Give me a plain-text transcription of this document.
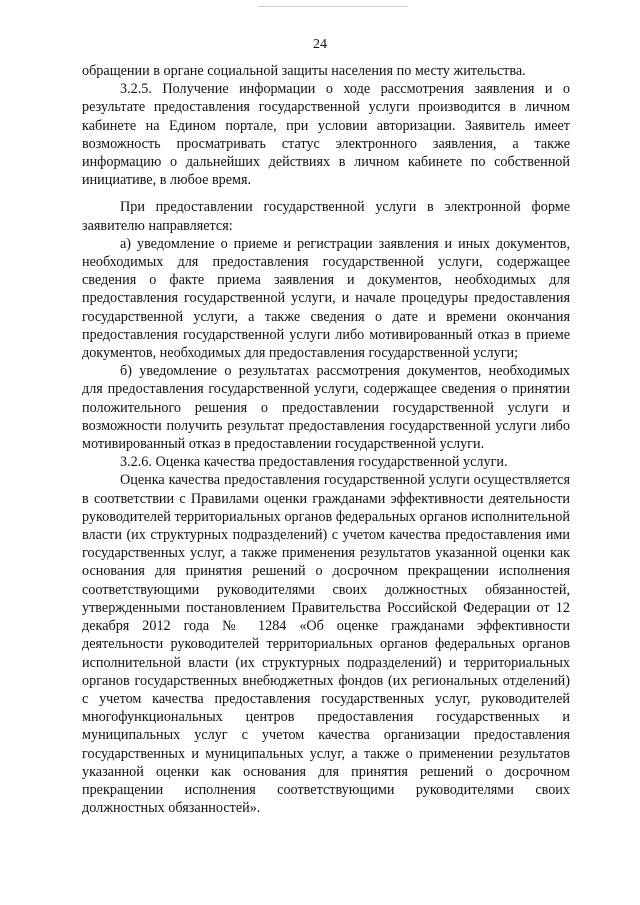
24

обращении в органе социальной защиты населения по месту жительства.

3.2.5. Получение информации о ходе рассмотрения заявления и о результате предоставления государственной услуги производится в личном кабинете на Едином портале, при условии авторизации. Заявитель имеет возможность просматривать статус электронного заявления, а также информацию о дальнейших действиях в личном кабинете по собственной инициативе, в любое время.

При предоставлении государственной услуги в электронной форме заявителю направляется:

а) уведомление о приеме и регистрации заявления и иных документов, необходимых для предоставления государственной услуги, содержащее сведения о факте приема заявления и документов, необходимых для предоставления государственной услуги, и начале процедуры предоставления государственной услуги, а также сведения о дате и времени окончания предоставления государственной услуги либо мотивированный отказ в приеме документов, необходимых для предоставления государственной услуги;

б) уведомление о результатах рассмотрения документов, необходимых для предоставления государственной услуги, содержащее сведения о принятии положительного решения о предоставлении государственной услуги и возможности получить результат предоставления государственной услуги либо мотивированный отказ в предоставлении государственной услуги.

3.2.6. Оценка качества предоставления государственной услуги.

Оценка качества предоставления государственной услуги осуществляется в соответствии с Правилами оценки гражданами эффективности деятельности руководителей территориальных органов федеральных органов исполнительной власти (их структурных подразделений) с учетом качества предоставления ими государственных услуг, а также применения результатов указанной оценки как основания для принятия решений о досрочном прекращении исполнения соответствующими руководителями своих должностных обязанностей, утвержденными постановлением Правительства Российской Федерации от 12 декабря 2012 года № 1284 «Об оценке гражданами эффективности деятельности руководителей территориальных органов федеральных органов исполнительной власти (их структурных подразделений) и территориальных органов государственных внебюджетных фондов (их региональных отделений) с учетом качества предоставления государственных услуг, руководителей многофункциональных центров предоставления государственных и муниципальных услуг с учетом качества организации предоставления государственных и муниципальных услуг, а также о применении результатов указанной оценки как основания для принятия решений о досрочном прекращении исполнения соответствующими руководителями своих должностных обязанностей».
